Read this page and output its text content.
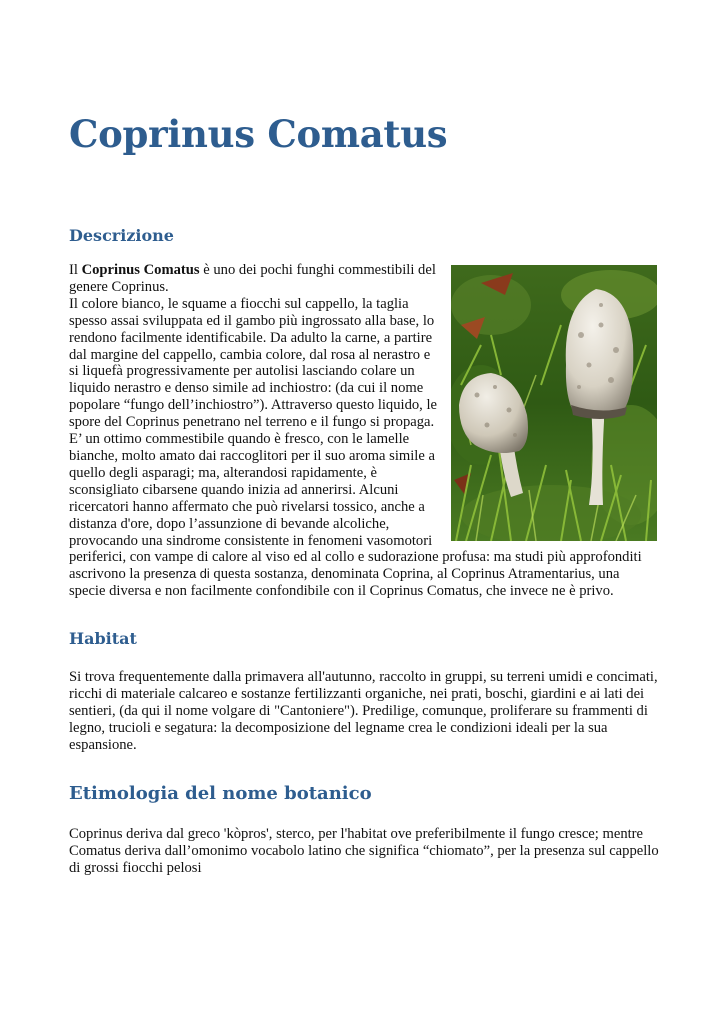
Coprinus Comatus
Descrizione

Il Coprinus Comatus è uno dei pochi funghi commestibili del genere Coprinus.
Il colore bianco, le squame a fiocchi sul cappello, la taglia spesso assai sviluppata ed il gambo più ingrossato alla base, lo rendono facilmente identificabile. Da adulto la carne, a partire dal margine del cappello, cambia colore, dal rosa al nerastro e si liquefà progressivamente per autolisi lasciando colare un liquido nerastro e denso simile ad inchiostro: (da cui il nome popolare “fungo dell’inchiostro”). Attraverso questo liquido, le spore del Coprinus penetrano nel terreno e il fungo si propaga. E’ un ottimo commestibile quando è fresco, con le lamelle bianche, molto amato dai raccoglitori per il suo aroma simile a quello degli asparagi; ma, alterandosi rapidamente, è sconsigliato cibarsene quando inizia ad annerirsi. Alcuni ricercatori hanno affermato che può rivelarsi tossico, anche a distanza d'ore, dopo l’assunzione di bevande alcoliche, provocando una sindrome consistente in fenomeni vasomotori periferici, con vampe di calore al viso ed al collo e sudorazione profusa: ma studi più approfonditi ascrivono la presenza di questa sostanza, denominata Coprina, al Coprinus Atramentarius, una specie diversa e non facilmente confondibile con il Coprinus Comatus, che invece ne è privo.

Habitat

Si trova frequentemente dalla primavera all'autunno, raccolto in gruppi, su terreni umidi e concimati, ricchi di materiale calcareo e sostanze fertilizzanti organiche, nei prati, boschi, giardini e ai lati dei sentieri, (da qui il nome volgare di "Cantoniere"). Predilige, comunque, proliferare su frammenti di legno, trucioli e segatura: la decomposizione del legname crea le condizioni ideali per la sua espansione.

Etimologia del nome botanico

Coprinus deriva dal greco 'kòpros', sterco, per l'habitat ove preferibilmente il fungo cresce; mentre Comatus deriva dall’omonimo vocabolo latino che significa “chiomato”, per la presenza sul cappello di grossi fiocchi pelosi
